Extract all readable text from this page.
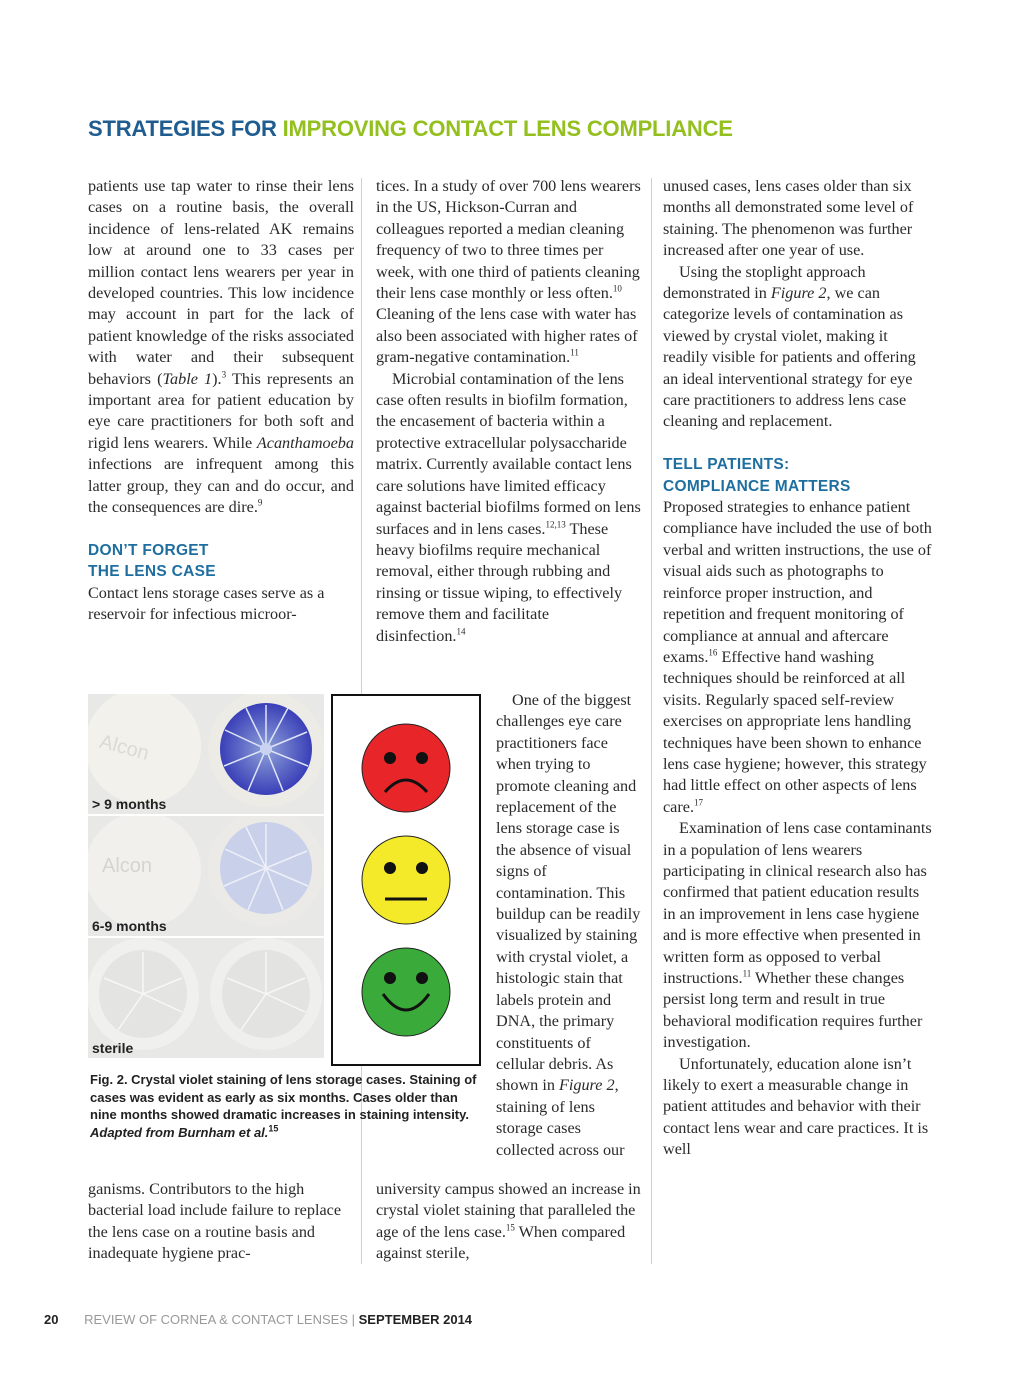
STRATEGIES FOR IMPROVING CONTACT LENS COMPLIANCE

patients use tap water to rinse their lens cases on a routine basis, the overall incidence of lens-related AK remains low at around one to 33 cases per million contact lens wearers per year in developed countries. This low incidence may account in part for the lack of patient knowledge of the risks associated with water and their subsequent behaviors (Table 1).$^3$ This represents an important area for patient education by eye care practitioners for both soft and rigid lens wearers. While Acanthamoeba infections are infrequent among this latter group, they can and do occur, and the consequences are dire.$^9$

DON’T FORGET
THE LENS CASE

Contact lens storage cases serve as a reservoir for infectious microor-

ganisms. Contributors to the high bacterial load include failure to replace the lens case on a routine basis and inadequate hygiene prac-

tices. In a study of over 700 lens wearers in the US, Hickson-Curran and colleagues reported a median cleaning frequency of two to three times per week, with one third of patients cleaning their lens case monthly or less often.$^{10}$ Cleaning of the lens case with water has also been associated with higher rates of gram-negative contamination.$^{11}$

Microbial contamination of the lens case often results in biofilm formation, the encasement of bacteria within a protective extracellular polysaccharide matrix. Currently available contact lens care solutions have limited efficacy against bacterial biofilms formed on lens surfaces and in lens cases.$^{12,13}$ These heavy biofilms require mechanical removal, either through rubbing and rinsing or tissue wiping, to effectively remove them and facilitate disinfection.$^{14}$

One of the biggest challenges eye care practitioners face when trying to promote cleaning and replacement of the lens storage case is the absence of visual signs of contamination. This buildup can be readily visualized by staining with crystal violet, a histologic stain that labels protein and DNA, the primary constituents of cellular debris. As shown in Figure 2, staining of lens storage cases collected across our

university campus showed an increase in crystal violet staining that paralleled the age of the lens case.$^{15}$ When compared against sterile,

unused cases, lens cases older than six months all demonstrated some level of staining. The phenomenon was further increased after one year of use.

Using the stoplight approach demonstrated in Figure 2, we can categorize levels of contamination as viewed by crystal violet, making it readily visible for patients and offering an ideal interventional strategy for eye care practitioners to address lens case cleaning and replacement.

TELL PATIENTS:
COMPLIANCE MATTERS

Proposed strategies to enhance patient compliance have included the use of both verbal and written instructions, the use of visual aids such as photographs to reinforce proper instruction, and repetition and frequent monitoring of compliance at annual and aftercare exams.$^{16}$ Effective hand washing techniques should be reinforced at all visits. Regularly spaced self-review exercises on appropriate lens handling techniques have been shown to enhance lens case hygiene; however, this strategy had little effect on other aspects of lens care.$^{17}$

Examination of lens case contaminants in a population of lens wearers participating in clinical research also has confirmed that patient education results in an improvement in lens case hygiene and is more effective when presented in written form as opposed to verbal instructions.$^{11}$ Whether these changes persist long term and result in true behavioral modification requires further investigation.

Unfortunately, education alone isn’t likely to exert a measurable change in patient attitudes and behavior with their contact lens wear and care practices. It is well

Alcon
> 9 months
Alcon
6-9 months
sterile
Fig. 2. Crystal violet staining of lens storage cases. Staining of cases was evident as early as six months. Cases older than nine months showed dramatic increases in staining intensity. Adapted from Burnham et al.$^{15}$
20 REVIEW OF CORNEA & CONTACT LENSES | SEPTEMBER 2014
